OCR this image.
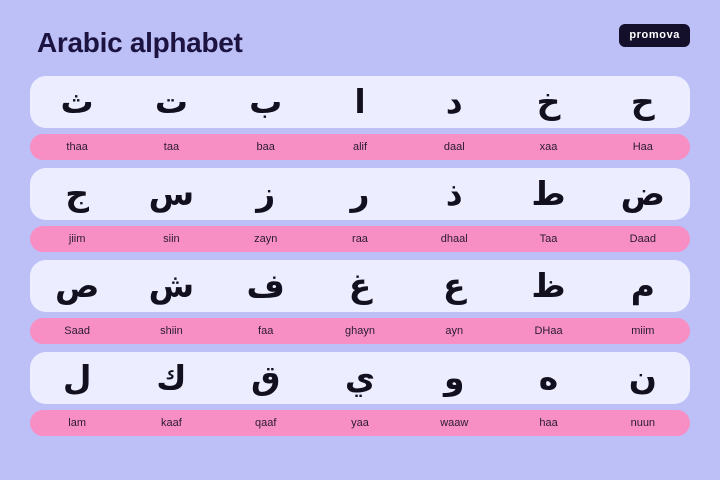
Arabic alphabet	promova
ث	ت	ب	ا	د	خ	ح
thaa	taa	baa	alif	daal	xaa	Haa
ج	س	ز	ر	ذ	ط	ض
jiim	siin	zayn	raa	dhaal	Taa	Daad
ص	ش	ف	غ	ع	ظ	م
Saad	shiin	faa	ghayn	ayn	DHaa	miim
ل	ك	ق	ي	و	ه	ن
lam	kaaf	qaaf	yaa	waaw	haa	nuun
